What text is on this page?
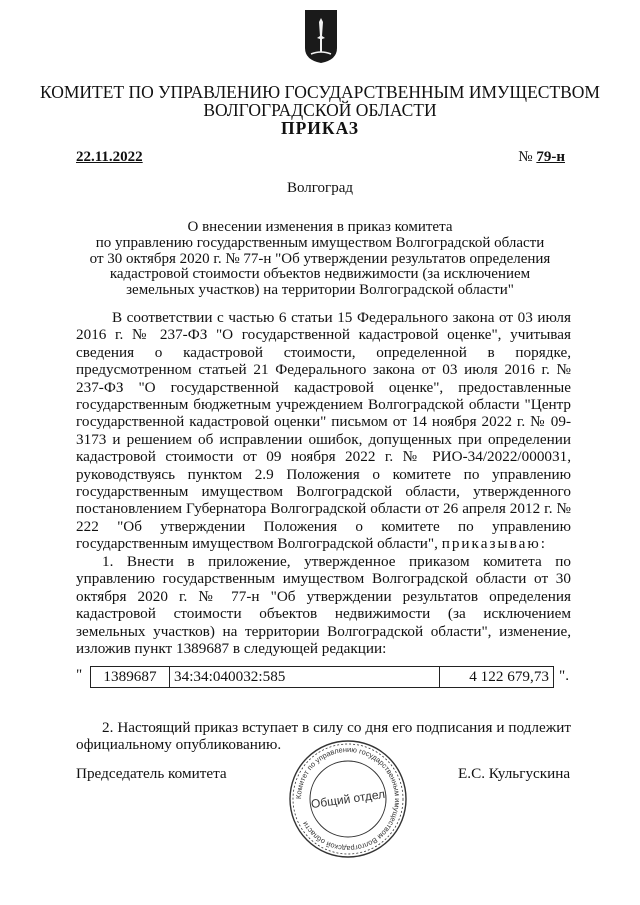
КОМИТЕТ ПО УПРАВЛЕНИЮ ГОСУДАРСТВЕННЫМ ИМУЩЕСТВОМ
ВОЛГОГРАДСКОЙ ОБЛАСТИ
ПРИКАЗ
22.11.2022	№ 79-н
Волгоград
О внесении изменения в приказ комитета
по управлению государственным имуществом Волгоградской области
от 30 октября 2020 г. № 77-н "Об утверждении результатов определения
кадастровой стоимости объектов недвижимости (за исключением
земельных участков) на территории Волгоградской области"
В соответствии с частью 6 статьи 15 Федерального закона от 03 июля 2016 г. № 237-ФЗ "О государственной кадастровой оценке", учитывая сведения о кадастровой стоимости, определенной в порядке, предусмотренном статьей 21 Федерального закона от 03 июля 2016 г. № 237-ФЗ "О государственной кадастровой оценке", предоставленные государственным бюджетным учреждением Волгоградской области "Центр государственной кадастровой оценки" письмом от 14 ноября 2022 г. № 09-3173 и решением об исправлении ошибок, допущенных при определении кадастровой стоимости от 09 ноября 2022 г. № РИО-34/2022/000031, руководствуясь пунктом 2.9 Положения о комитете по управлению государственным имуществом Волгоградской области, утвержденного постановлением Губернатора Волгоградской области от 26 апреля 2012 г. № 222 "Об утверждении Положения о комитете по управлению государственным имуществом Волгоградской области", приказываю:
1. Внести в приложение, утвержденное приказом комитета по управлению государственным имуществом Волгоградской области от 30 октября 2020 г. № 77-н "Об утверждении результатов определения кадастровой стоимости объектов недвижимости (за исключением земельных участков) на территории Волгоградской области", изменение, изложив пункт 1389687 в следующей редакции:
"	1389687	34:34:040032:585	4 122 679,73 ".
2. Настоящий приказ вступает в силу со дня его подписания и подлежит официальному опубликованию.
Председатель комитета	Е.С. Кульгускина
Комитет по управлению государственным имуществом Волгоградской области
Общий отдел
